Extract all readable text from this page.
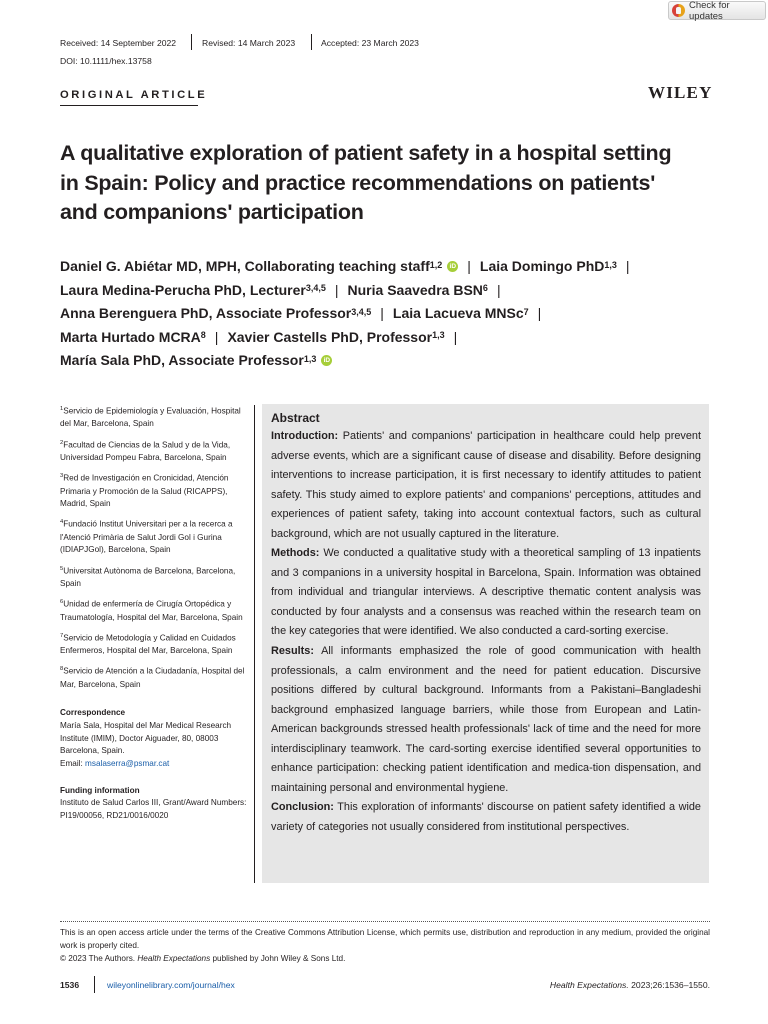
Check for updates
Received: 14 September 2022	Revised: 14 March 2023	Accepted: 23 March 2023
DOI: 10.1111/hex.13758
ORIGINAL ARTICLE	WILEY
A qualitative exploration of patient safety in a hospital setting
in Spain: Policy and practice recommendations on patients'
and companions' participation
Daniel G. Abiétar MD, MPH, Collaborating teaching staff$^{1,2}$	iD | Laia Domingo PhD$^{1,3}$ |
Laura Medina-Perucha PhD, Lecturer$^{3,4,5}$ | Nuria Saavedra BSN$^6$ |
Anna Berenguera PhD, Associate Professor$^{3,4,5}$ | Laia Lacueva MNSc$^7$ |
Marta Hurtado MCRA$^8$ | Xavier Castells PhD, Professor$^{1,3}$ |
María Sala PhD, Associate Professor$^{1,3}$	iD
$^1$Servicio de Epidemiología y Evaluación, Hospital del Mar, Barcelona, Spain
$^2$Facultad de Ciencias de la Salud y de la Vida, Universidad Pompeu Fabra, Barcelona, Spain
$^3$Red de Investigación en Cronicidad, Atención Primaria y Promoción de la Salud (RICAPPS), Madrid, Spain
$^4$Fundació Institut Universitari per a la recerca a l'Atenció Primària de Salut Jordi Gol i Gurina (IDIAPJGol), Barcelona, Spain
$^5$Universitat Autònoma de Barcelona, Barcelona, Spain
$^6$Unidad de enfermería de Cirugía Ortopédica y Traumatología, Hospital del Mar, Barcelona, Spain
$^7$Servicio de Metodología y Calidad en Cuidados Enfermeros, Hospital del Mar, Barcelona, Spain
$^8$Servicio de Atención a la Ciudadanía, Hospital del Mar, Barcelona, Spain
Correspondence
María Sala, Hospital del Mar Medical Research Institute (IMIM), Doctor Aiguader, 80, 08003 Barcelona, Spain.
Email: msalaserra@psmar.cat
Funding information
Instituto de Salud Carlos III, Grant/Award Numbers: PI19/00056, RD21/0016/0020
Abstract

Introduction: Patients' and companions' participation in healthcare could help prevent adverse events, which are a significant cause of disease and disability. Before designing interventions to increase participation, it is first necessary to identify attitudes to patient safety. This study aimed to explore patients' and companions' perceptions, attitudes and experiences of patient safety, taking into account contextual factors, such as cultural background, which are not usually captured in the literature.

Methods: We conducted a qualitative study with a theoretical sampling of 13 inpatients and 3 companions in a university hospital in Barcelona, Spain. Information was obtained from individual and triangular interviews. A descriptive thematic content analysis was conducted by four analysts and a consensus was reached within the research team on the key categories that were identified. We also conducted a card-sorting exercise.

Results: All informants emphasized the role of good communication with health professionals, a calm environment and the need for patient education. Discursive positions differed by cultural background. Informants from a Pakistani–Bangladeshi background emphasized language barriers, while those from European and Latin-American backgrounds stressed health professionals' lack of time and the need for more interdisciplinary teamwork. The card-sorting exercise identified several opportunities to enhance participation: checking patient identification and medica-tion dispensation, and maintaining personal and environmental hygiene.

Conclusion: This exploration of informants' discourse on patient safety identified a wide variety of categories not usually considered from institutional perspectives.

This is an open access article under the terms of the Creative Commons Attribution License, which permits use, distribution and reproduction in any medium, provided the original work is properly cited.
© 2023 The Authors. Health Expectations published by John Wiley & Sons Ltd.
1536	wileyonlinelibrary.com/journal/hex	Health Expectations. 2023;26:1536–1550.
